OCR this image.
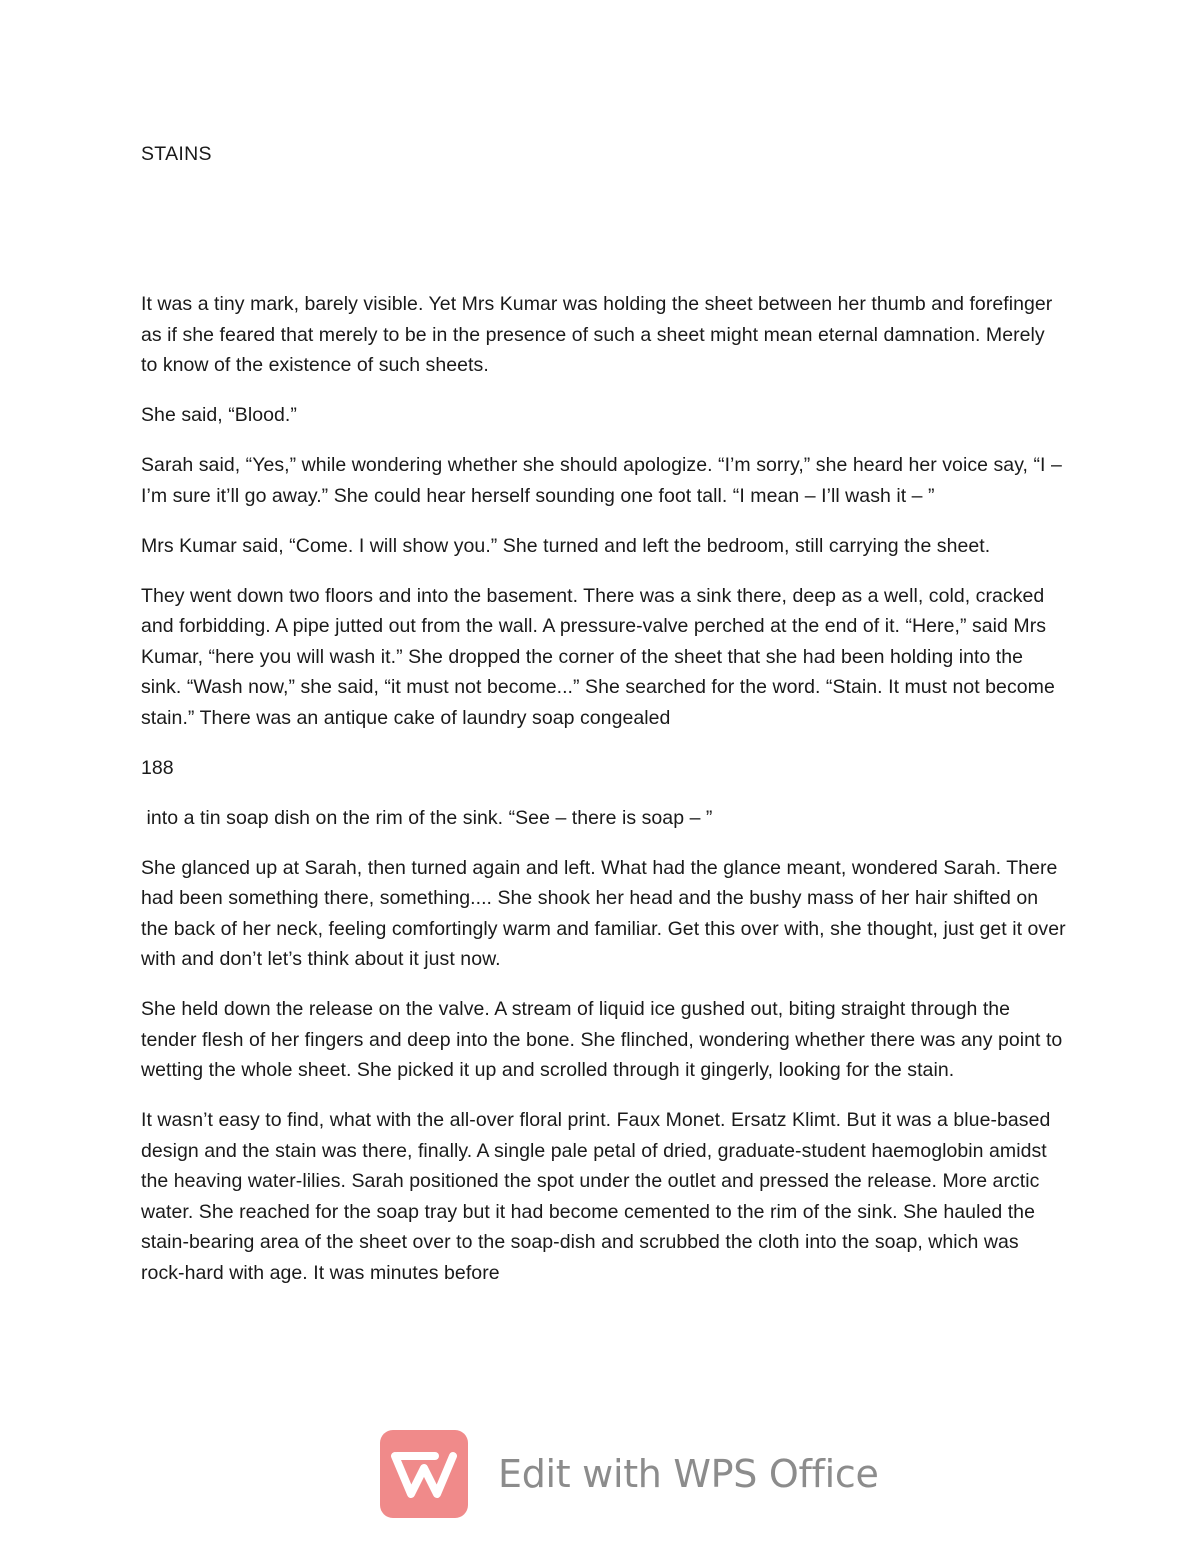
STAINS

It was a tiny mark, barely visible. Yet Mrs Kumar was holding the sheet between her thumb and forefinger as if she feared that merely to be in the presence of such a sheet might mean eternal damnation. Merely to know of the existence of such sheets.

She said, “Blood.”

Sarah said, “Yes,” while wondering whether she should apologize. “I’m sorry,” she heard her voice say, “I – I’m sure it’ll go away.” She could hear herself sounding one foot tall. “I mean – I’ll wash it – ”

Mrs Kumar said, “Come. I will show you.” She turned and left the bedroom, still carrying the sheet.

They went down two floors and into the basement. There was a sink there, deep as a well, cold, cracked and forbidding. A pipe jutted out from the wall. A pressure-valve perched at the end of it. “Here,” said Mrs Kumar, “here you will wash it.” She dropped the corner of the sheet that she had been holding into the sink. “Wash now,” she said, “it must not become...” She searched for the word. “Stain. It must not become stain.” There was an antique cake of laundry soap congealed

188

into a tin soap dish on the rim of the sink. “See – there is soap – ”

She glanced up at Sarah, then turned again and left. What had the glance meant, wondered Sarah. There had been something there, something.... She shook her head and the bushy mass of her hair shifted on the back of her neck, feeling comfortingly warm and familiar. Get this over with, she thought, just get it over with and don’t let’s think about it just now.

She held down the release on the valve. A stream of liquid ice gushed out, biting straight through the tender flesh of her fingers and deep into the bone. She flinched, wondering whether there was any point to wetting the whole sheet. She picked it up and scrolled through it gingerly, looking for the stain.

It wasn’t easy to find, what with the all-over floral print. Faux Monet. Ersatz Klimt. But it was a blue-based design and the stain was there, finally. A single pale petal of dried, graduate-student haemoglobin amidst the heaving water-lilies. Sarah positioned the spot under the outlet and pressed the release. More arctic water. She reached for the soap tray but it had become cemented to the rim of the sink. She hauled the stain-bearing area of the sheet over to the soap-dish and scrubbed the cloth into the soap, which was rock-hard with age. It was minutes before

Edit with WPS Office
